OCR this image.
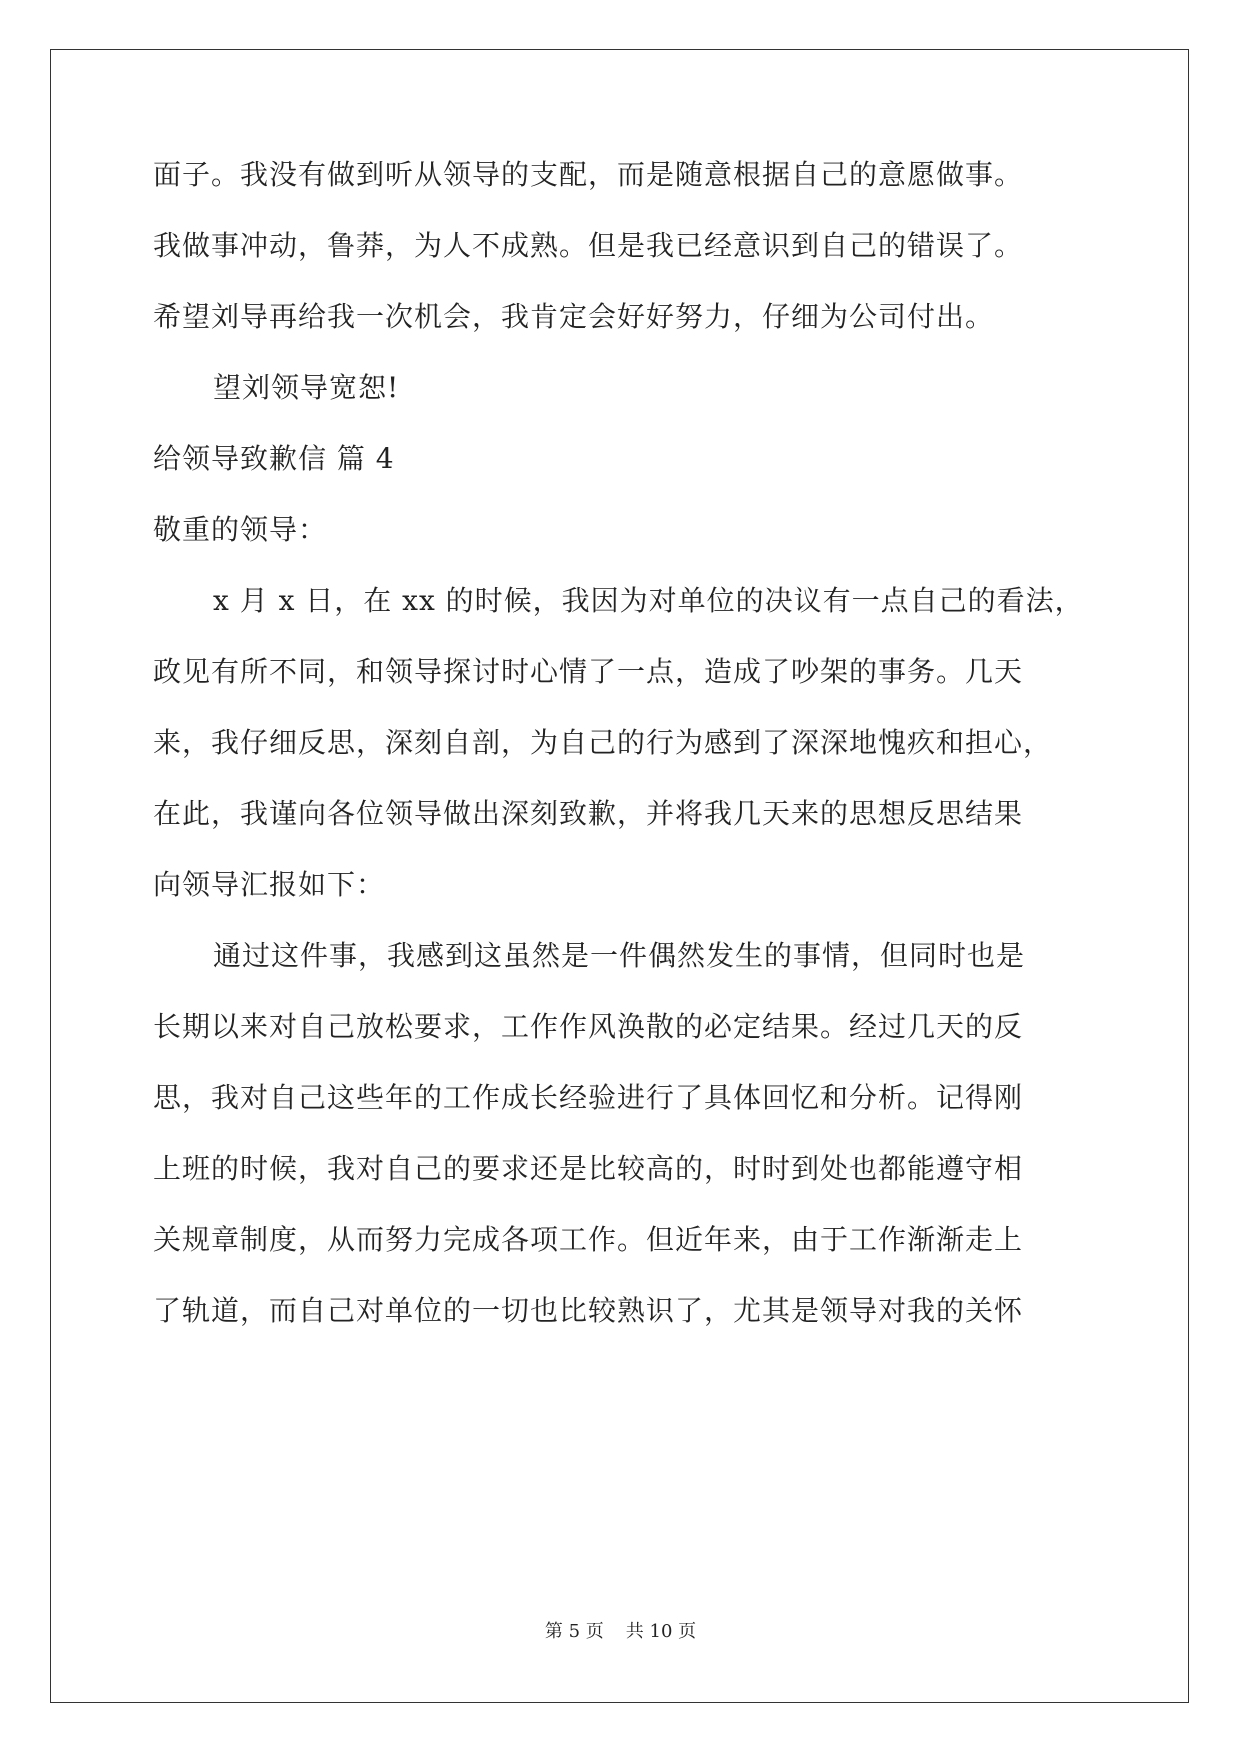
面子。我没有做到听从领导的支配，而是随意根据自己的意愿做事。
我做事冲动，鲁莽，为人不成熟。但是我已经意识到自己的错误了。
希望刘导再给我一次机会，我肯定会好好努力，仔细为公司付出。
望刘领导宽恕!
给领导致歉信 篇 4
敬重的领导：
x 月 x 日，在 xx 的时候，我因为对单位的决议有一点自己的看法，
政见有所不同，和领导探讨时心情了一点，造成了吵架的事务。几天
来，我仔细反思，深刻自剖，为自己的行为感到了深深地愧疚和担心，
在此，我谨向各位领导做出深刻致歉，并将我几天来的思想反思结果
向领导汇报如下：
通过这件事，我感到这虽然是一件偶然发生的事情，但同时也是
长期以来对自己放松要求，工作作风涣散的必定结果。经过几天的反
思，我对自己这些年的工作成长经验进行了具体回忆和分析。记得刚
上班的时候，我对自己的要求还是比较高的，时时到处也都能遵守相
关规章制度，从而努力完成各项工作。但近年来，由于工作渐渐走上
了轨道，而自己对单位的一切也比较熟识了，尤其是领导对我的关怀
第 5 页 共 10 页
